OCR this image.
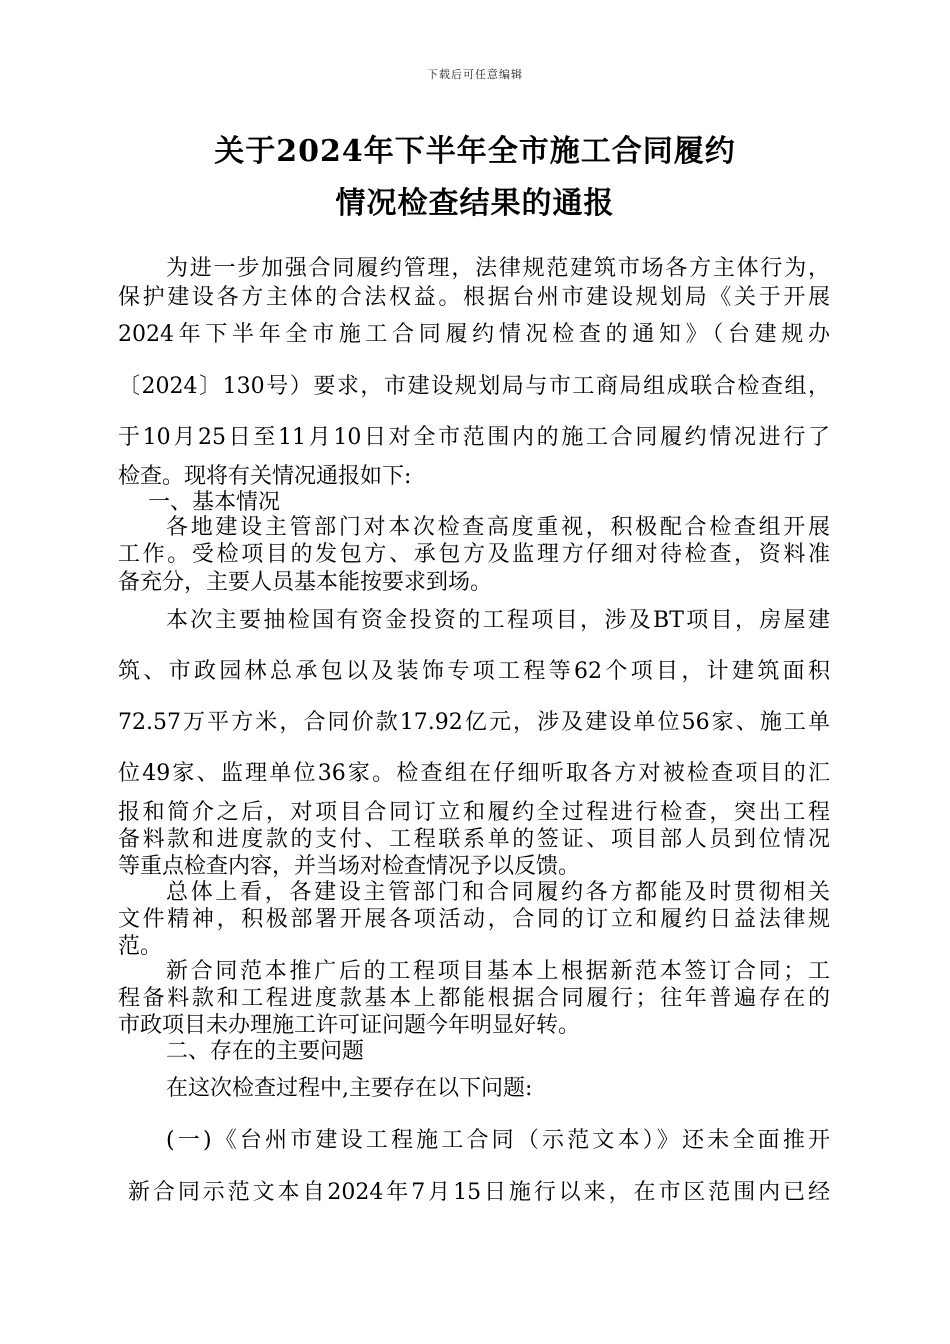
下载后可任意编辑
关于2024年下半年全市施工合同履约
情况检查结果的通报
为进一步加强合同履约管理，法律规范建筑市场各方主体行为，
保护建设各方主体的合法权益。根据台州市建设规划局《关于开展
2024年下半年全市施工合同履约情况检查的通知》（台建规办
〔2024〕130号）要求，市建设规划局与市工商局组成联合检查组，
于10月25日至11月10日对全市范围内的施工合同履约情况进行了
检查。现将有关情况通报如下:
一、基本情况
各地建设主管部门对本次检查高度重视，积极配合检查组开展
工作。受检项目的发包方、承包方及监理方仔细对待检查，资料准
备充分，主要人员基本能按要求到场。
本次主要抽检国有资金投资的工程项目，涉及BT项目，房屋建
筑、市政园林总承包以及装饰专项工程等62个项目，计建筑面积
72.57万平方米，合同价款17.92亿元，涉及建设单位56家、施工单
位49家、监理单位36家。检查组在仔细听取各方对被检查项目的汇
报和简介之后，对项目合同订立和履约全过程进行检查，突出工程
备料款和进度款的支付、工程联系单的签证、项目部人员到位情况
等重点检查内容，并当场对检查情况予以反馈。
总体上看，各建设主管部门和合同履约各方都能及时贯彻相关
文件精神，积极部署开展各项活动，合同的订立和履约日益法律规
范。
新合同范本推广后的工程项目基本上根据新范本签订合同；工
程备料款和工程进度款基本上都能根据合同履行；往年普遍存在的
市政项目未办理施工许可证问题今年明显好转。
二、存在的主要问题
在这次检查过程中,主要存在以下问题:
(一)《台州市建设工程施工合同（示范文本）》还未全面推开
新合同示范文本自2024年7月15日施行以来，在市区范围内已经
